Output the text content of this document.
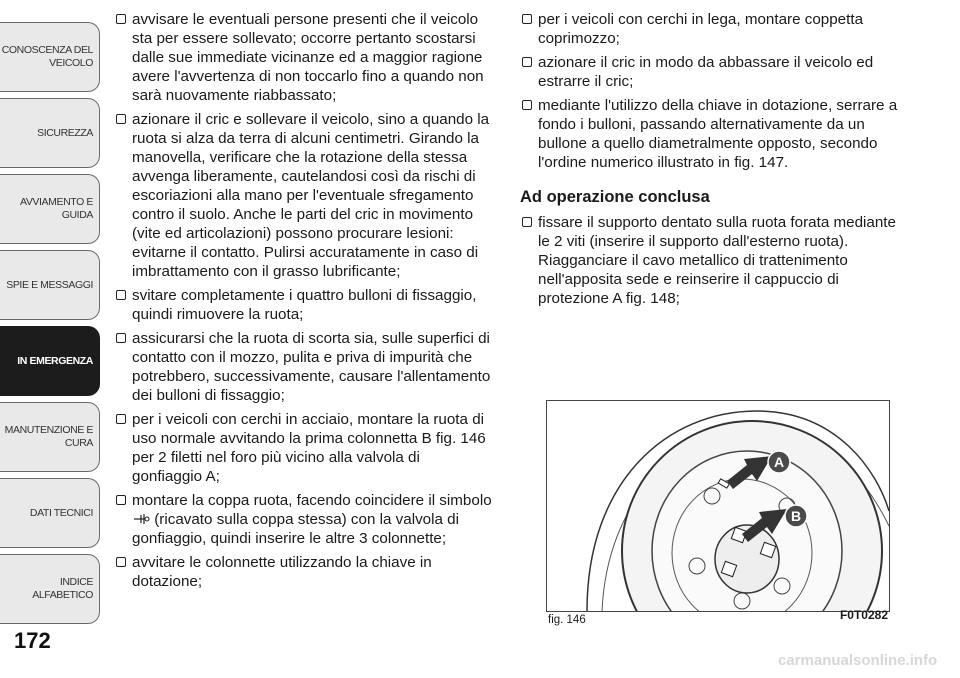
CONOSCENZA DEL VEICOLO
SICUREZZA
AVVIAMENTO E GUIDA
SPIE E MESSAGGI
IN EMERGENZA
MANUTENZIONE E CURA
DATI TECNICI
INDICE ALFABETICO
172
avvisare le eventuali persone presenti che il veicolo sta per essere sollevato; occorre pertanto scostarsi dalle sue immediate vicinanze ed a maggior ragione avere l'avvertenza di non toccarlo fino a quando non sarà nuovamente riabbassato;
azionare il cric e sollevare il veicolo, sino a quando la ruota si alza da terra di alcuni centimetri. Girando la manovella, verificare che la rotazione della stessa avvenga liberamente, cautelandosi così da rischi di escoriazioni alla mano per l'eventuale sfregamento contro il suolo. Anche le parti del cric in movimento (vite ed articolazioni) possono procurare lesioni: evitarne il contatto. Pulirsi accuratamente in caso di imbrattamento con il grasso lubrificante;
svitare completamente i quattro bulloni di fissaggio, quindi rimuovere la ruota;
assicurarsi che la ruota di scorta sia, sulle superfici di contatto con il mozzo, pulita e priva di impurità che potrebbero, successivamente, causare l'allentamento dei bulloni di fissaggio;
per i veicoli con cerchi in acciaio, montare la ruota di uso normale avvitando la prima colonnetta B fig. 146 per 2 filetti nel foro più vicino alla valvola di gonfiaggio A;
montare la coppa ruota, facendo coincidere il simbolo  (ricavato sulla coppa stessa) con la valvola di gonfiaggio, quindi inserire le altre 3 colonnette;
avvitare le colonnette utilizzando la chiave in dotazione;
per i veicoli con cerchi in lega, montare coppetta coprimozzo;
azionare il cric in modo da abbassare il veicolo ed estrarre il cric;
mediante l'utilizzo della chiave in dotazione, serrare a fondo i bulloni, passando alternativamente da un bullone a quello diametralmente opposto, secondo l'ordine numerico illustrato in fig. 147.
Ad operazione conclusa
fissare il supporto dentato sulla ruota forata mediante le 2 viti (inserire il supporto dall'esterno ruota). Riagganciare il cavo metallico di trattenimento nell'apposita sede e reinserire il cappuccio di protezione A fig. 148;
A
B
fig. 146	F0T0282
carmanualsonline.info
